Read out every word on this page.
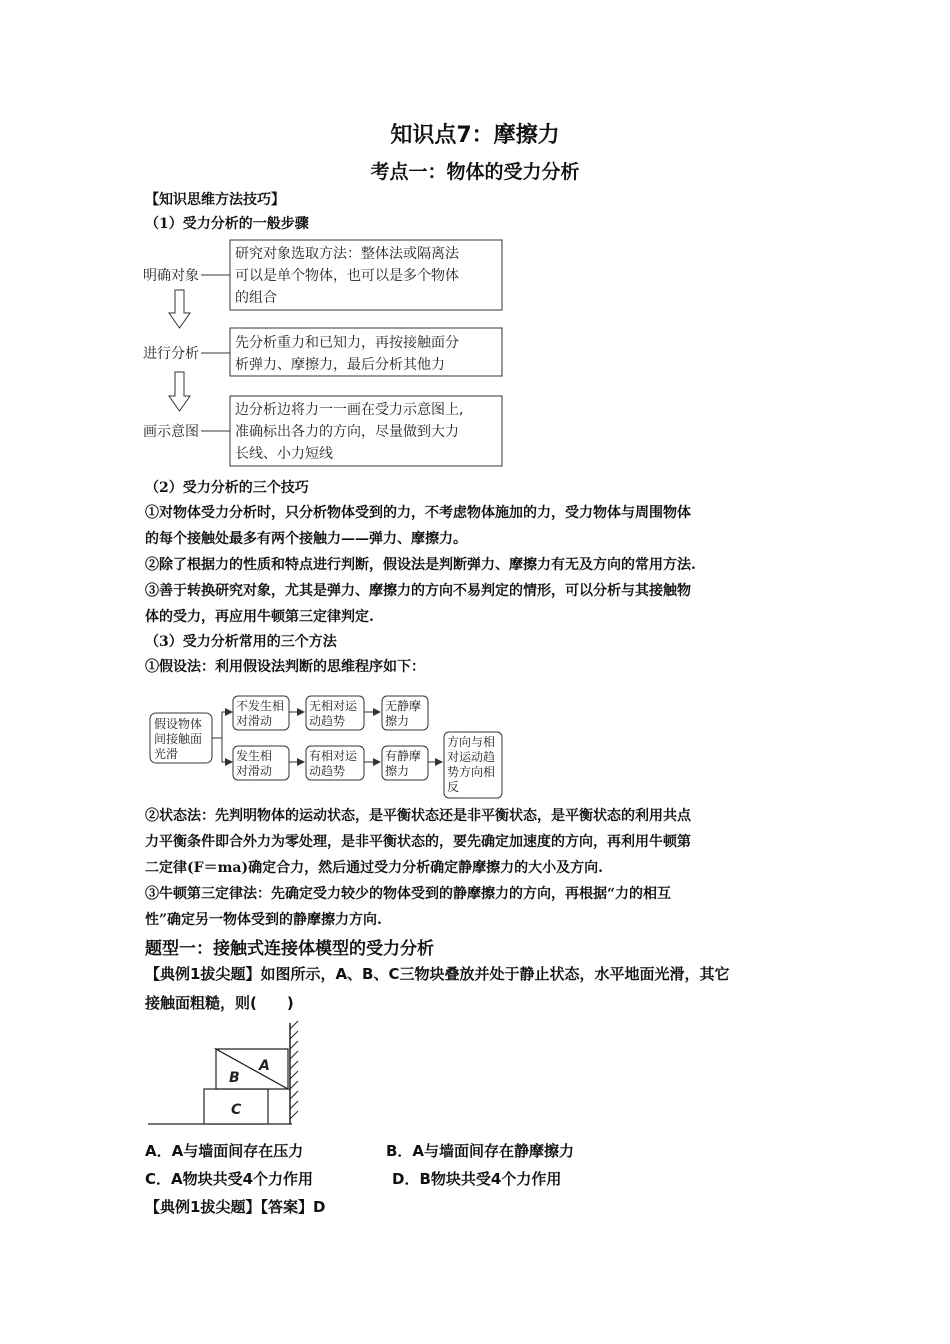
知识点7：摩擦力
考点一：物体的受力分析
【知识思维方法技巧】
（1）受力分析的一般步骤
明确对象
研究对象选取方法：整体法或隔离法
可以是单个物体，也可以是多个物体
的组合
进行分析
先分析重力和已知力，再按接触面分
析弹力、摩擦力，最后分析其他力
画示意图
边分析边将力一一画在受力示意图上,
准确标出各力的方向，尽量做到大力
长线、小力短线
（2）受力分析的三个技巧
①对物体受力分析时，只分析物体受到的力，不考虑物体施加的力，受力物体与周围物体
的每个接触处最多有两个接触力——弹力、摩擦力。
②除了根据力的性质和特点进行判断，假设法是判断弹力、摩擦力有无及方向的常用方法.
③善于转换研究对象，尤其是弹力、摩擦力的方向不易判定的情形，可以分析与其接触物
体的受力，再应用牛顿第三定律判定.
（3）受力分析常用的三个方法
①假设法：利用假设法判断的思维程序如下：
假设物体
间接触面
光滑
不发生相
对滑动
无相对运
动趋势
无静摩
擦力
发生相
对滑动
有相对运
动趋势
有静摩
擦力
方向与相
对运动趋
势方向相
反
②状态法：先判明物体的运动状态，是平衡状态还是非平衡状态，是平衡状态的利用共点
力平衡条件即合外力为零处理，是非平衡状态的，要先确定加速度的方向，再利用牛顿第
二定律(F＝ma)确定合力，然后通过受力分析确定静摩擦力的大小及方向.
③牛顿第三定律法：先确定受力较少的物体受到的静摩擦力的方向，再根据“力的相互
性”确定另一物体受到的静摩擦力方向.
题型一：接触式连接体模型的受力分析
【典例1拔尖题】如图所示，A、B、C三物块叠放并处于静止状态，水平地面光滑，其它
接触面粗糙，则(　　)
A
B
C
A．A与墙面间存在压力	B．A与墙面间存在静摩擦力
C．A物块共受4个力作用	D．B物块共受4个力作用
【典例1拔尖题】【答案】D
